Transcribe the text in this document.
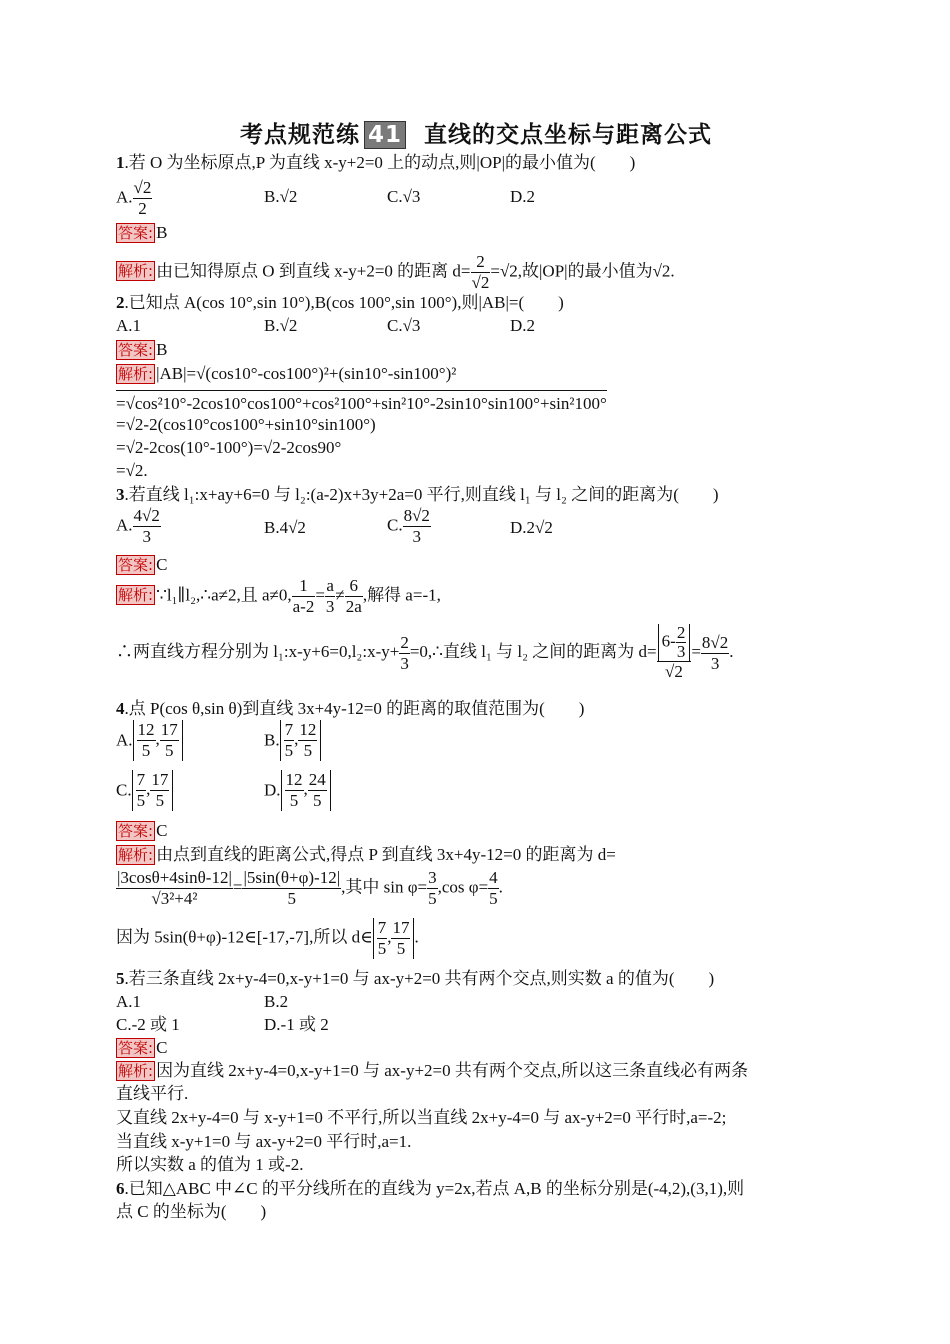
考点规范练 41 直线的交点坐标与距离公式
1.若 O 为坐标原点,P 为直线 x-y+2=0 上的动点,则|OP|的最小值为(　　)
A. $\frac{√2}{2}$	B.√2	C.√3	D.2
答案: B
解析: 由已知得原点 O 到直线 x-y+2=0 的距离 $d= \frac{2}{√2} =√2$,故|OP|的最小值为√2.
2.已知点 A(cos 10°,sin 10°),B(cos 100°,sin 100°),则|AB|=(　　)
A.1	B.√2	C.√3	D.2
答案: B
解析: |AB|=√(cos10°-cos100°)²+(sin10°-sin100°)²
=√cos²10°-2cos10°cos100°+cos²100°+sin²10°-2sin10°sin100°+sin²100°
=√2-2(cos10°cos100°+sin10°sin100°)
=√2-2cos(10°-100°)=√2-2cos90°
=√2.
3.若直线 l₁:x+ay+6=0 与 l₂:(a-2)x+3y+2a=0 平行,则直线 l₁ 与 l₂ 之间的距离为(　　)
A. $\frac{4√2}{3}$	B.4√2	C. $\frac{8√2}{3}$	D.2√2
答案: C
解析: ∵l₁∥l₂,∴a≠2,且 a≠0, $\frac{1}{a-2} = \frac{a}{3} \ne \frac{6}{2a}$ ,解得 a=-1,
∴两直线方程分别为 l₁:x-y+6=0,l₂:x-y+ $\frac{2}{3}$ =0,∴直线 l₁ 与 l₂ 之间的距离为 $d= \frac{6- \frac{2}{3}}{√2} = \frac{8√2}{3}$ .
4.点 P(cos θ,sin θ)到直线 3x+4y-12=0 的距离的取值范围为(　　)
A. $\frac{12}{5}$ , $\frac{17}{5}$	B. $\frac{7}{5}$ , $\frac{12}{5}$
C. $\frac{7}{5}$ , $\frac{17}{5}$	D. $\frac{12}{5}$ , $\frac{24}{5}$
答案: C
解析: 由点到直线的距离公式,得点 P 到直线 3x+4y-12=0 的距离为 d=
$\frac{|3\cos\theta+4\sin\theta-12|}{\text{√3²+4²}} = \frac{|5\sin(\theta+\varphi)-12|}{5}$ ,其中 $\sin \varphi= \frac{3}{5} ,\cos$ $\varphi= \frac{4}{5}$ .
因为 5sin(θ+φ)-12∈[-17,-7],所以 d∈ $\frac{7}{5}$ , $\frac{17}{5}$ .
5.若三条直线 2x+y-4=0,x-y+1=0 与 ax-y+2=0 共有两个交点,则实数 a 的值为(　　)
A.1	B.2
C.-2 或 1	D.-1 或 2
答案: C
解析: 因为直线 2x+y-4=0,x-y+1=0 与 ax-y+2=0 共有两个交点,所以这三条直线必有两条
直线平行.
又直线 2x+y-4=0 与 x-y+1=0 不平行,所以当直线 2x+y-4=0 与 ax-y+2=0 平行时,a=-2;
当直线 x-y+1=0 与 ax-y+2=0 平行时,a=1.
所以实数 a 的值为 1 或-2.
6.已知△ABC 中∠C 的平分线所在的直线为 y=2x,若点 A,B 的坐标分别是(-4,2),(3,1),则
点 C 的坐标为(　　)
